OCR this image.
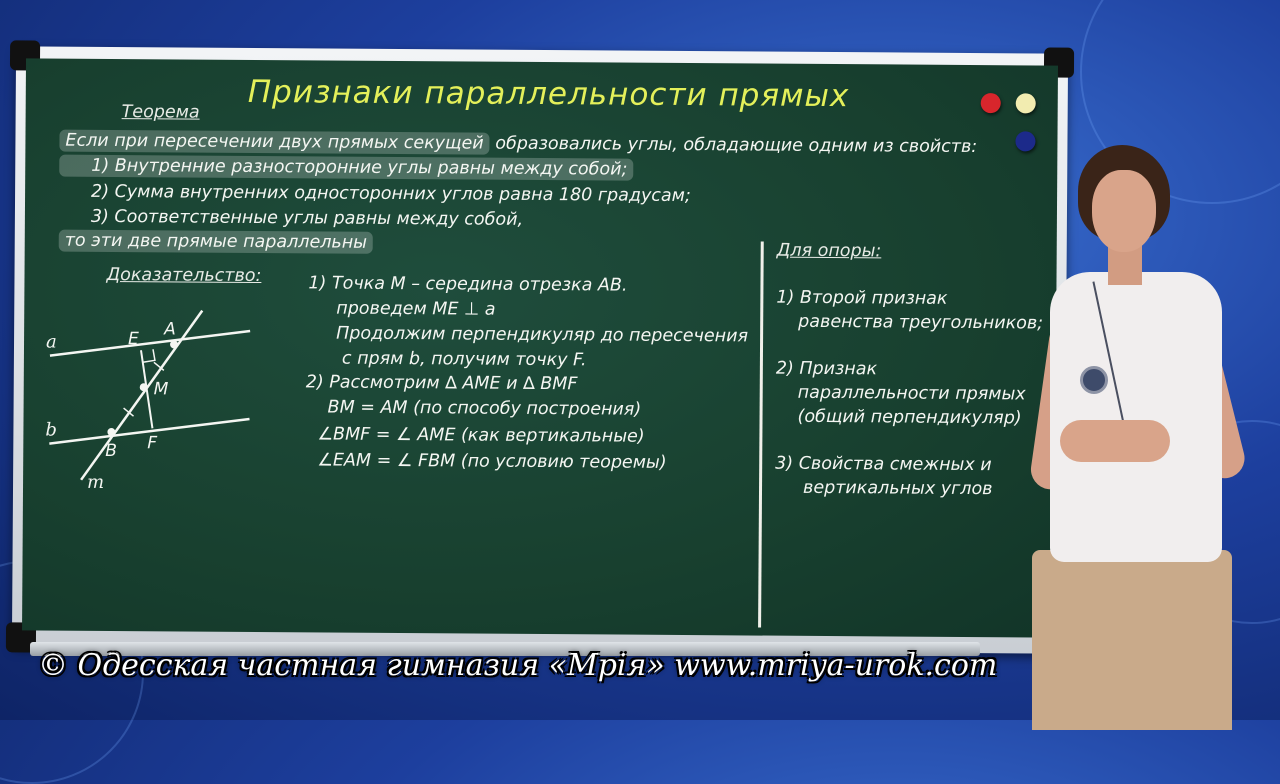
Признаки параллельности прямых
Теорема
Если при пересечении двух прямых секущей образовались углы, обладающие одним из свойств:
1) Внутренние разносторонние углы равны между собой;
2) Сумма внутренних односторонних углов равна 180 градусам;
3) Соответственные углы равны между собой,
то эти две прямые параллельны
Доказательство:	1) Точка M – середина отрезка AB.
проведем ME ⊥ a
Продолжим перпендикуляр до пересечения
с прям b, получим точку F.
2) Рассмотрим ∆ AME и ∆ BMF
BM = AM (по способу построения)
∠BMF = ∠ AME (как вертикальные)
∠EAM = ∠ FBM (по условию теоремы)
a
b
m
A
E
M
B F
Для опоры:
1) Второй признак
равенства треугольников;
2) Признак
параллельности прямых
(общий перпендикуляр)
3) Свойства смежных и
вертикальных углов
© Одесская частная гимназия «Мрія» www.mriya-urok.com
